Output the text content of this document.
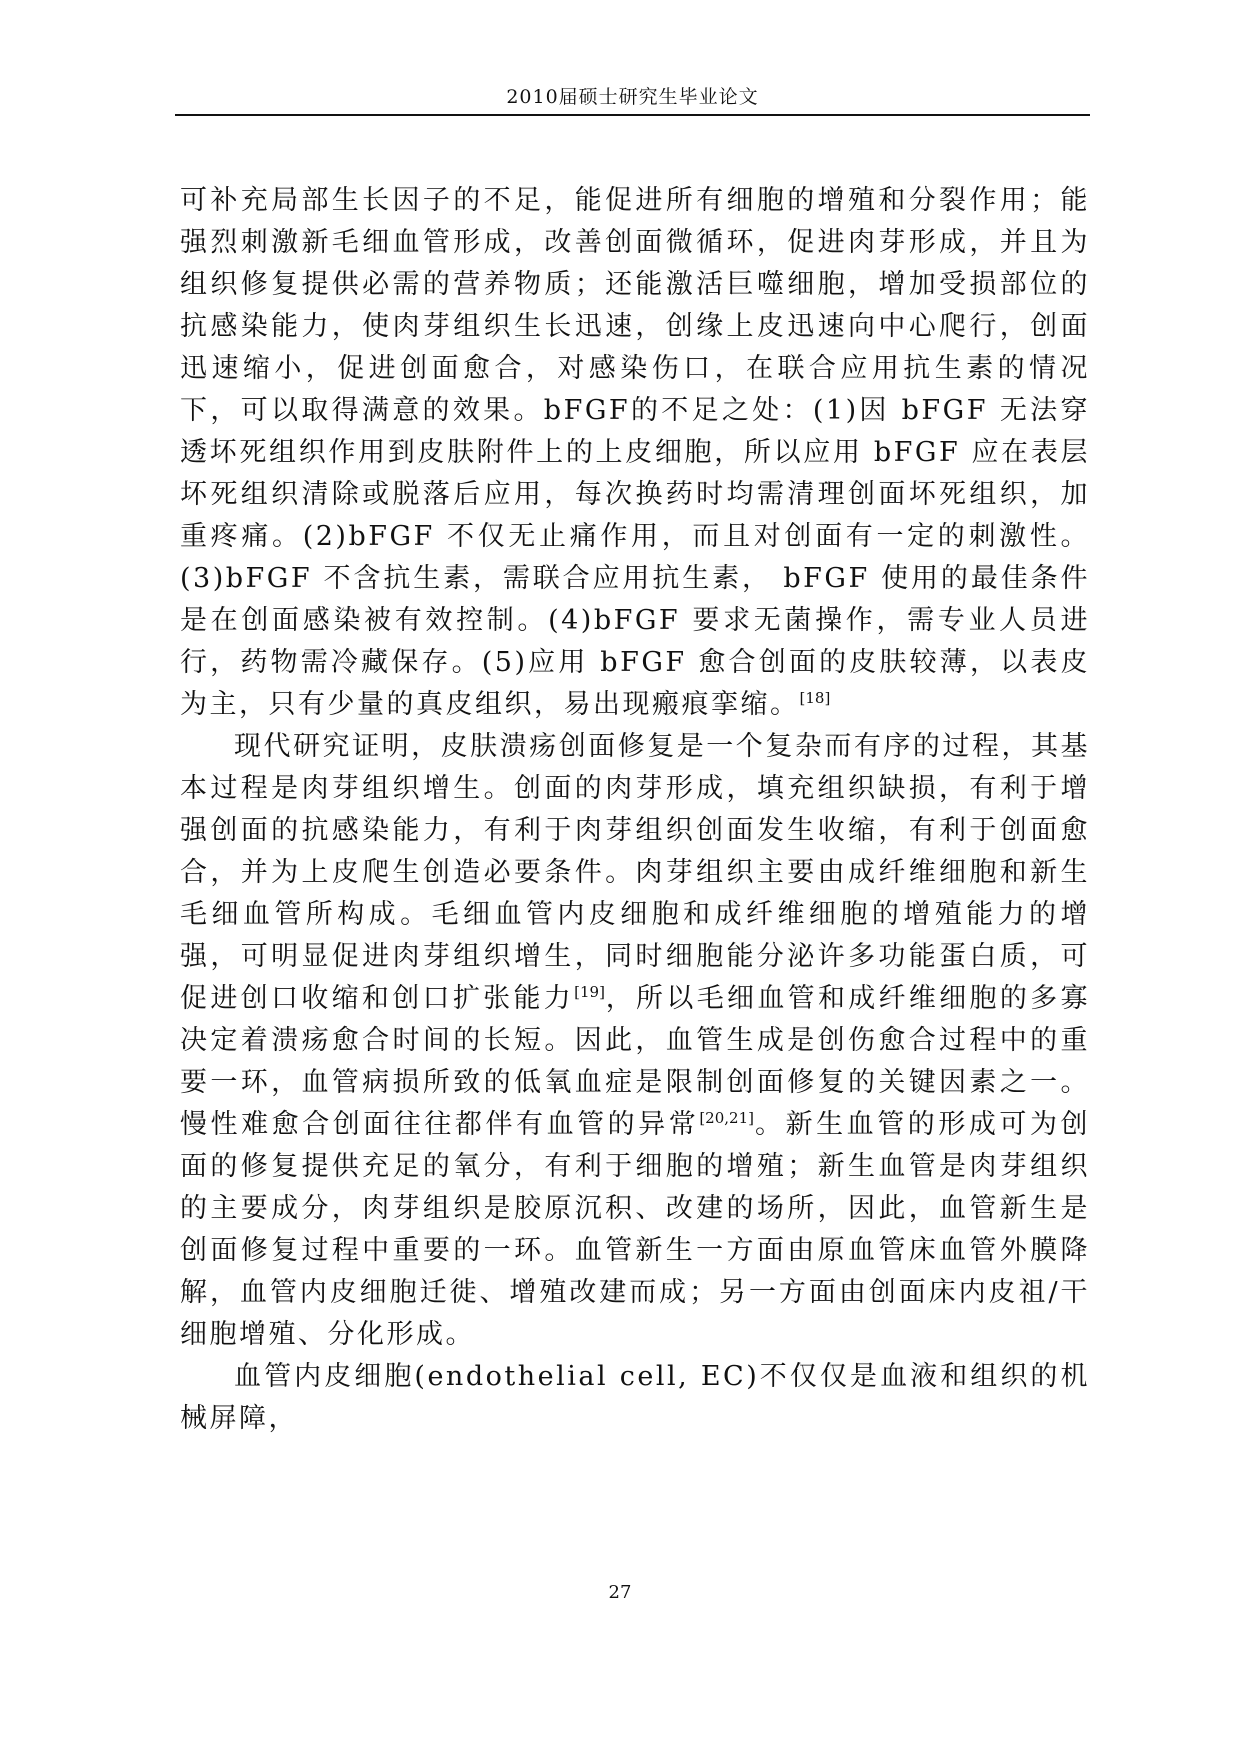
2010届硕士研究生毕业论文
可补充局部生长因子的不足，能促进所有细胞的增殖和分裂作用；能强烈刺激新毛细血管形成，改善创面微循环，促进肉芽形成，并且为组织修复提供必需的营养物质；还能激活巨噬细胞，增加受损部位的抗感染能力，使肉芽组织生长迅速，创缘上皮迅速向中心爬行，创面迅速缩小，促进创面愈合，对感染伤口，在联合应用抗生素的情况下，可以取得满意的效果。bFGF的不足之处：(1)因 bFGF 无法穿透坏死组织作用到皮肤附件上的上皮细胞，所以应用 bFGF 应在表层坏死组织清除或脱落后应用，每次换药时均需清理创面坏死组织，加重疼痛。(2)bFGF 不仅无止痛作用，而且对创面有一定的刺激性。(3)bFGF 不含抗生素，需联合应用抗生素， bFGF 使用的最佳条件是在创面感染被有效控制。(4)bFGF 要求无菌操作，需专业人员进行，药物需冷藏保存。(5)应用 bFGF 愈合创面的皮肤较薄，以表皮为主，只有少量的真皮组织，易出现瘢痕挛缩。[18]
现代研究证明，皮肤溃疡创面修复是一个复杂而有序的过程，其基本过程是肉芽组织增生。创面的肉芽形成，填充组织缺损，有利于增强创面的抗感染能力，有利于肉芽组织创面发生收缩，有利于创面愈合，并为上皮爬生创造必要条件。肉芽组织主要由成纤维细胞和新生毛细血管所构成。毛细血管内皮细胞和成纤维细胞的增殖能力的增强，可明显促进肉芽组织增生，同时细胞能分泌许多功能蛋白质，可促进创口收缩和创口扩张能力[19]，所以毛细血管和成纤维细胞的多寡决定着溃疡愈合时间的长短。因此，血管生成是创伤愈合过程中的重要一环，血管病损所致的低氧血症是限制创面修复的关键因素之一。慢性难愈合创面往往都伴有血管的异常[20,21]。新生血管的形成可为创面的修复提供充足的氧分，有利于细胞的增殖；新生血管是肉芽组织的主要成分，肉芽组织是胶原沉积、改建的场所，因此，血管新生是创面修复过程中重要的一环。血管新生一方面由原血管床血管外膜降解，血管内皮细胞迁徙、增殖改建而成；另一方面由创面床内皮祖/干细胞增殖、分化形成。
血管内皮细胞(endothelial cell, EC)不仅仅是血液和组织的机械屏障，
27
